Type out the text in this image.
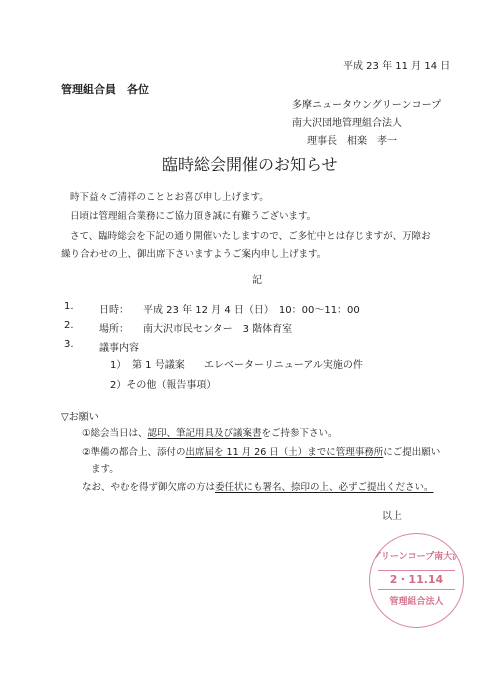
平成 23 年 11 月 14 日
管理組合員　各位
多摩ニュータウングリーンコープ
南大沢団地管理組合法人
理事長　相楽　孝一
臨時総会開催のお知らせ
時下益々ご清祥のこととお喜び申し上げます。
日頃は管理組合業務にご協力頂き誠に有難うございます。
さて、臨時総会を下記の通り開催いたしますので、ご多忙中とは存じますが、万障お
繰り合わせの上、御出席下さいますようご案内申し上げます。
記
1.	日時： 平成 23 年 12 月 4 日（日）　10：00～11：00
2.	場所： 南大沢市民センター　3 階体育室
3.	議事内容
1） 第 1 号議案 エレベーターリニューアル実施の件
2）その他（報告事項）
▽お願い
①総会当日は、認印、筆記用具及び議案書をご持参下さい。
②準備の都合上、添付の出席届を 11 月 26 日（土）までに管理事務所にご提出願い
ます。
なお、やむを得ず御欠席の方は委任状にも署名、捺印の上、必ずご提出ください。
以上
グリーンコープ南大沢
2・11.14
管理組合法人
